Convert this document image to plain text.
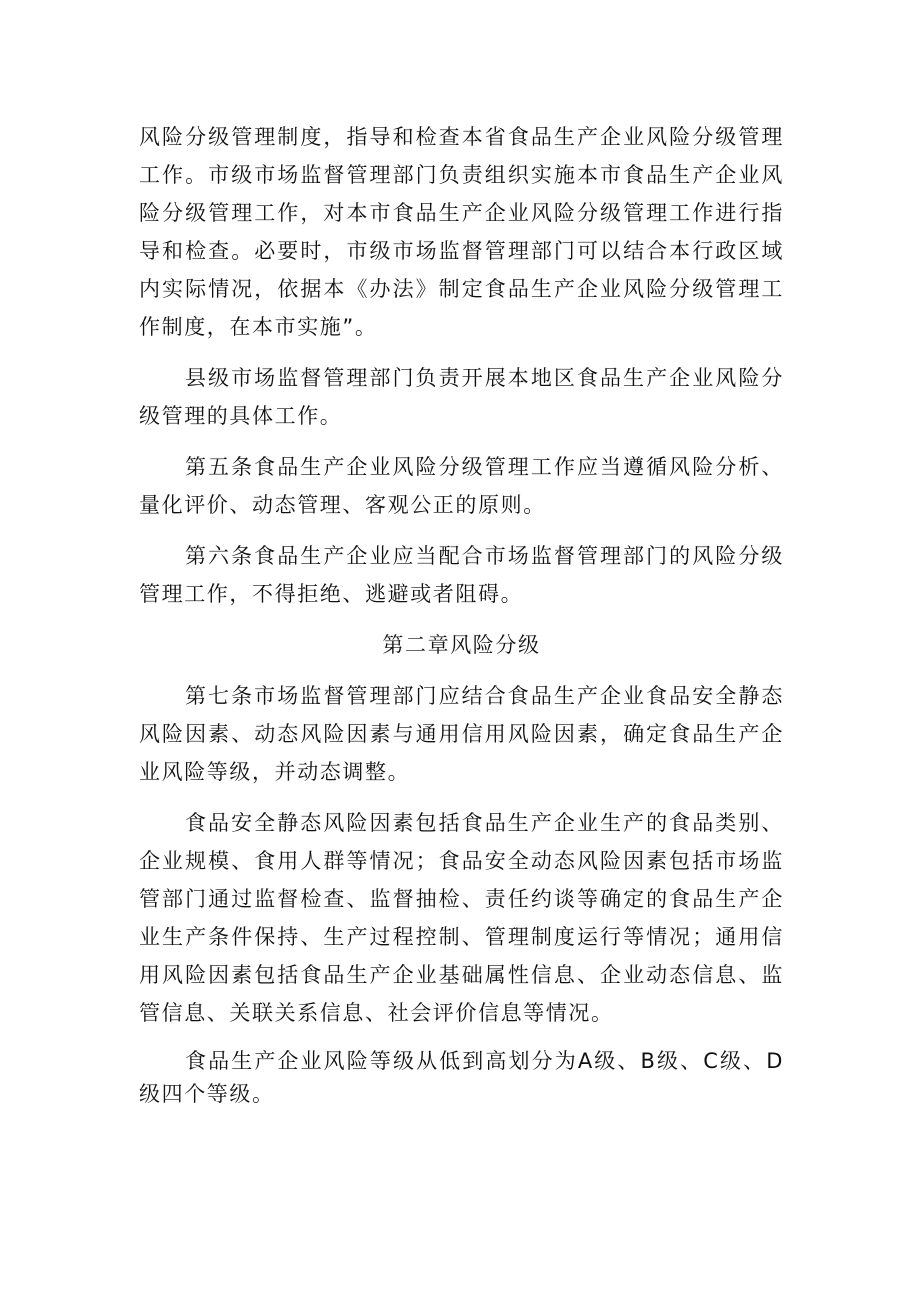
风险分级管理制度，指导和检查本省食品生产企业风险分级管理工作。市级市场监督管理部门负责组织实施本市食品生产企业风险分级管理工作，对本市食品生产企业风险分级管理工作进行指导和检查。必要时，市级市场监督管理部门可以结合本行政区域内实际情况，依据本《办法》制定食品生产企业风险分级管理工作制度，在本市实施”。

县级市场监督管理部门负责开展本地区食品生产企业风险分级管理的具体工作。

第五条食品生产企业风险分级管理工作应当遵循风险分析、量化评价、动态管理、客观公正的原则。

第六条食品生产企业应当配合市场监督管理部门的风险分级管理工作，不得拒绝、逃避或者阻碍。

第二章风险分级

第七条市场监督管理部门应结合食品生产企业食品安全静态风险因素、动态风险因素与通用信用风险因素，确定食品生产企业风险等级，并动态调整。

食品安全静态风险因素包括食品生产企业生产的食品类别、企业规模、食用人群等情况；食品安全动态风险因素包括市场监管部门通过监督检查、监督抽检、责任约谈等确定的食品生产企业生产条件保持、生产过程控制、管理制度运行等情况；通用信用风险因素包括食品生产企业基础属性信息、企业动态信息、监管信息、关联关系信息、社会评价信息等情况。

食品生产企业风险等级从低到高划分为A级、B级、C级、D级四个等级。
